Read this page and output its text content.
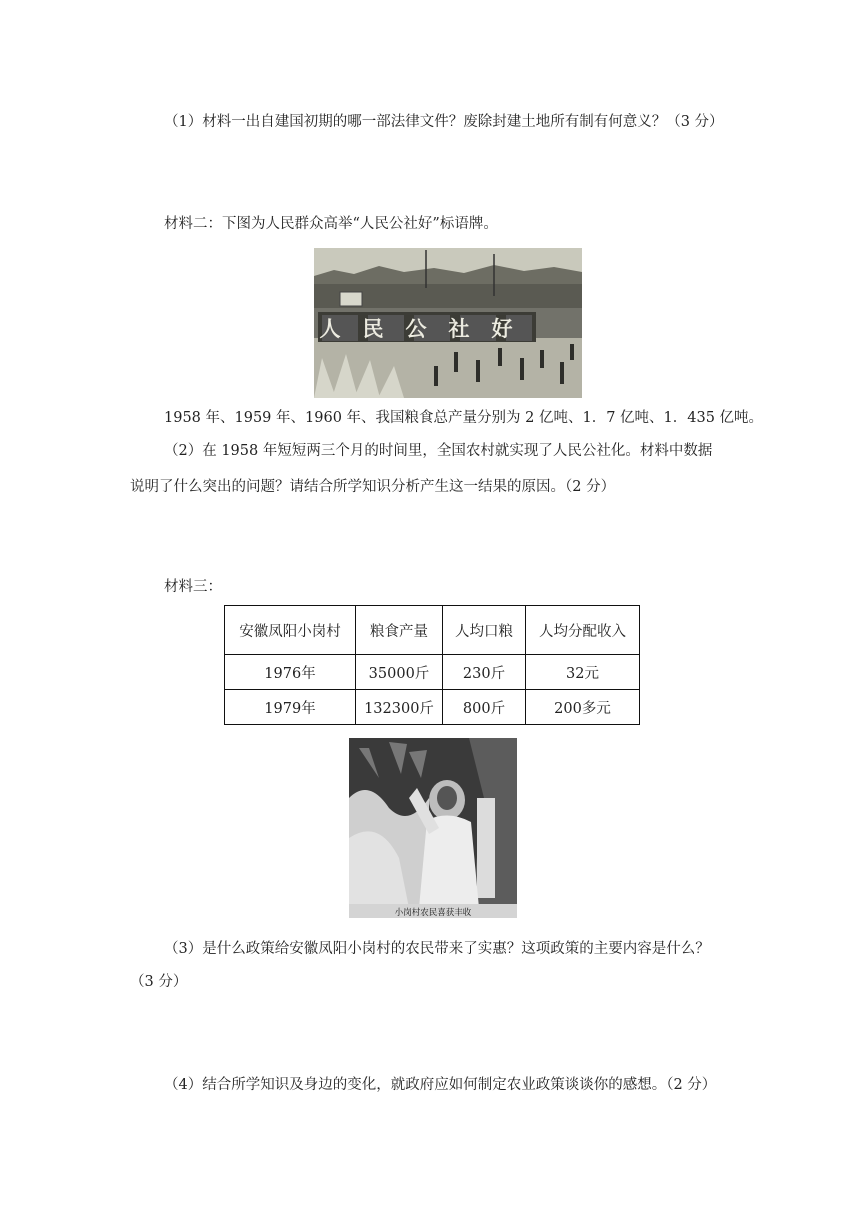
（1）材料一出自建国初期的哪一部法律文件？废除封建土地所有制有何意义？（3 分）
材料二：下图为人民群众高举“人民公社好”标语牌。
人民公社好
1958 年、1959 年、1960 年、我国粮食总产量分别为 2 亿吨、1．7 亿吨、1．435 亿吨。
（2）在 1958 年短短两三个月的时间里，全国农村就实现了人民公社化。材料中数据
说明了什么突出的问题？请结合所学知识分析产生这一结果的原因。（2 分）
材料三：
安徽凤阳小岗村	粮食产量	人均口粮	人均分配收入
1976年	35000斤	230斤	32元
1979年	132300斤	800斤	200多元
小岗村农民喜获丰收
（3）是什么政策给安徽凤阳小岗村的农民带来了实惠？这项政策的主要内容是什么？
（3 分）
（4）结合所学知识及身边的变化，就政府应如何制定农业政策谈谈你的感想。（2 分）
